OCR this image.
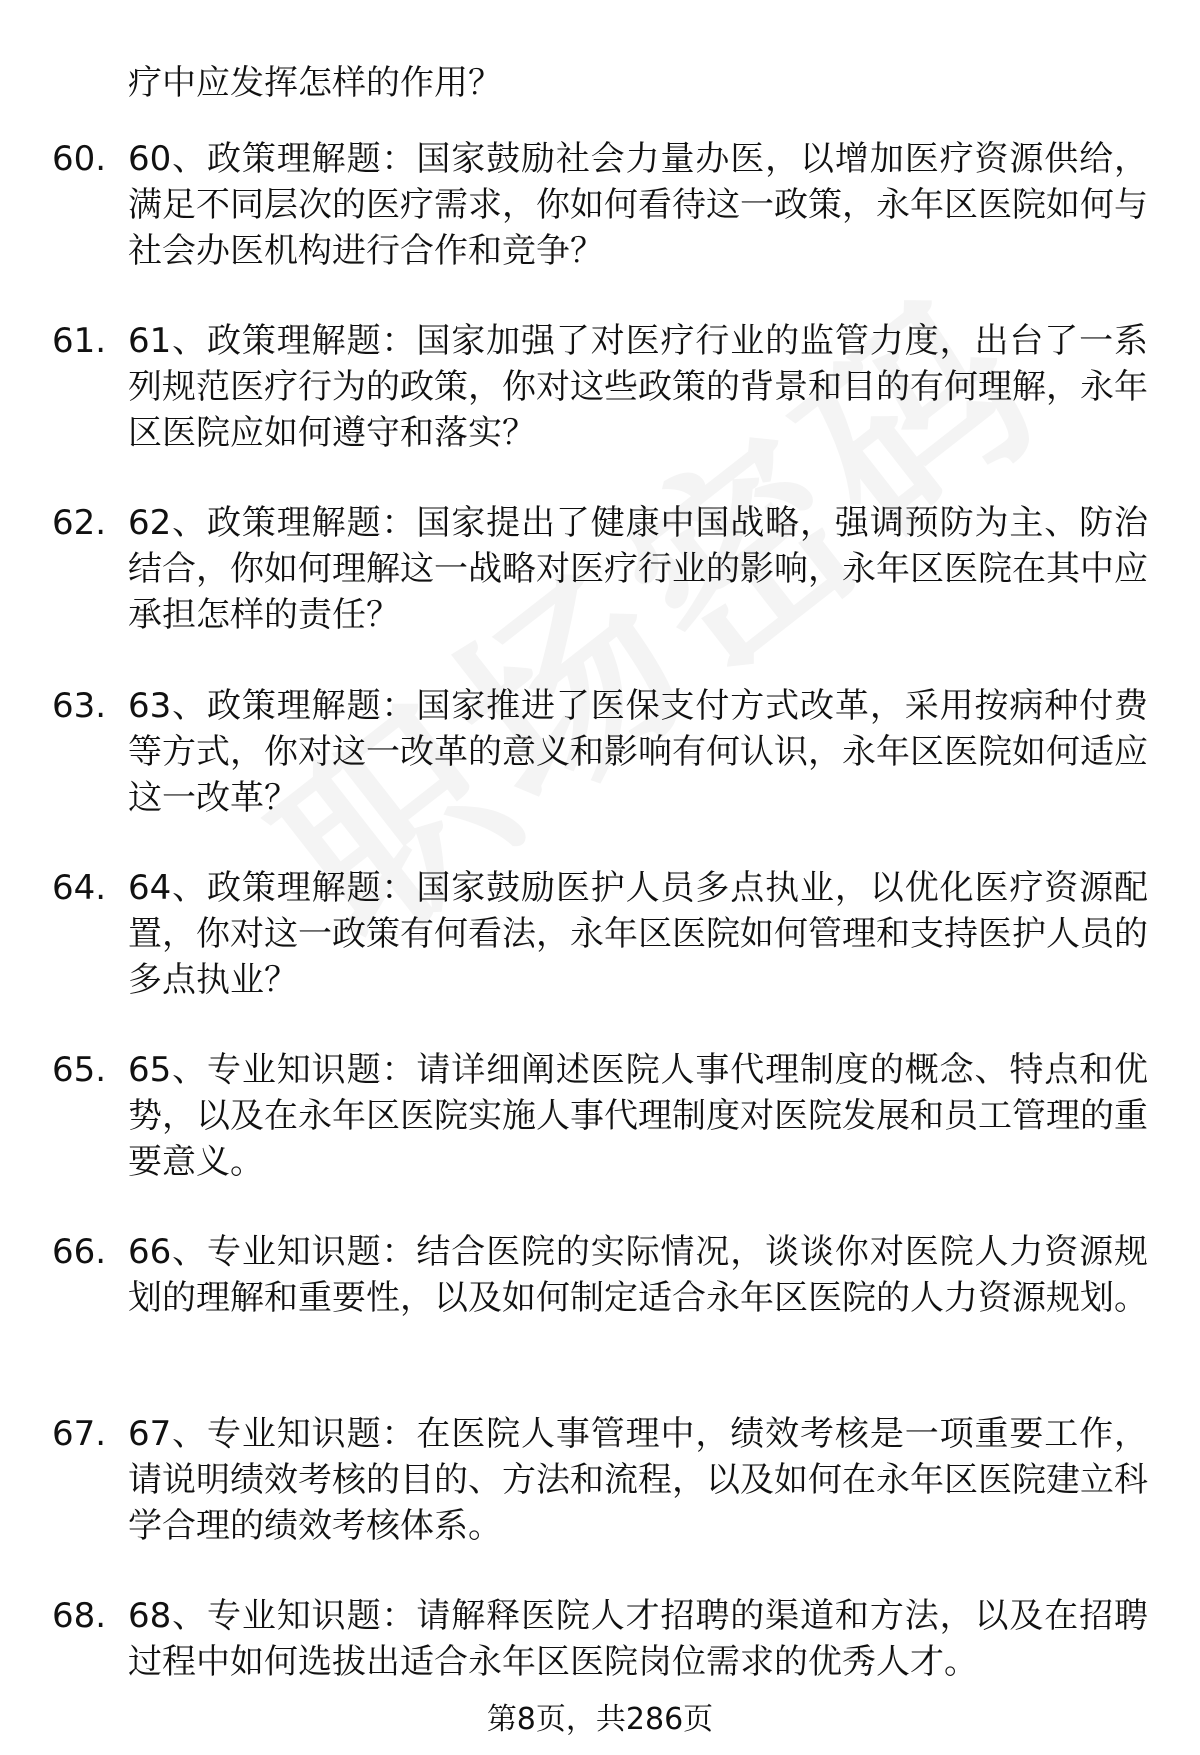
疗中应发挥怎样的作用？
60. 60、政策理解题：国家鼓励社会力量办医，以增加医疗资源供给，满足不同层次的医疗需求，你如何看待这一政策，永年区医院如何与社会办医机构进行合作和竞争？
61. 61、政策理解题：国家加强了对医疗行业的监管力度，出台了一系列规范医疗行为的政策，你对这些政策的背景和目的有何理解，永年区医院应如何遵守和落实？
62. 62、政策理解题：国家提出了健康中国战略，强调预防为主、防治结合，你如何理解这一战略对医疗行业的影响，永年区医院在其中应承担怎样的责任？
63. 63、政策理解题：国家推进了医保支付方式改革，采用按病种付费等方式，你对这一改革的意义和影响有何认识，永年区医院如何适应这一改革？
64. 64、政策理解题：国家鼓励医护人员多点执业，以优化医疗资源配置，你对这一政策有何看法，永年区医院如何管理和支持医护人员的多点执业？
65. 65、专业知识题：请详细阐述医院人事代理制度的概念、特点和优势，以及在永年区医院实施人事代理制度对医院发展和员工管理的重要意义。
66. 66、专业知识题：结合医院的实际情况，谈谈你对医院人力资源规划的理解和重要性，以及如何制定适合永年区医院的人力资源规划。
67. 67、专业知识题：在医院人事管理中，绩效考核是一项重要工作，请说明绩效考核的目的、方法和流程，以及如何在永年区医院建立科学合理的绩效考核体系。
68. 68、专业知识题：请解释医院人才招聘的渠道和方法，以及在招聘过程中如何选拔出适合永年区医院岗位需求的优秀人才。
第8页，共286页
